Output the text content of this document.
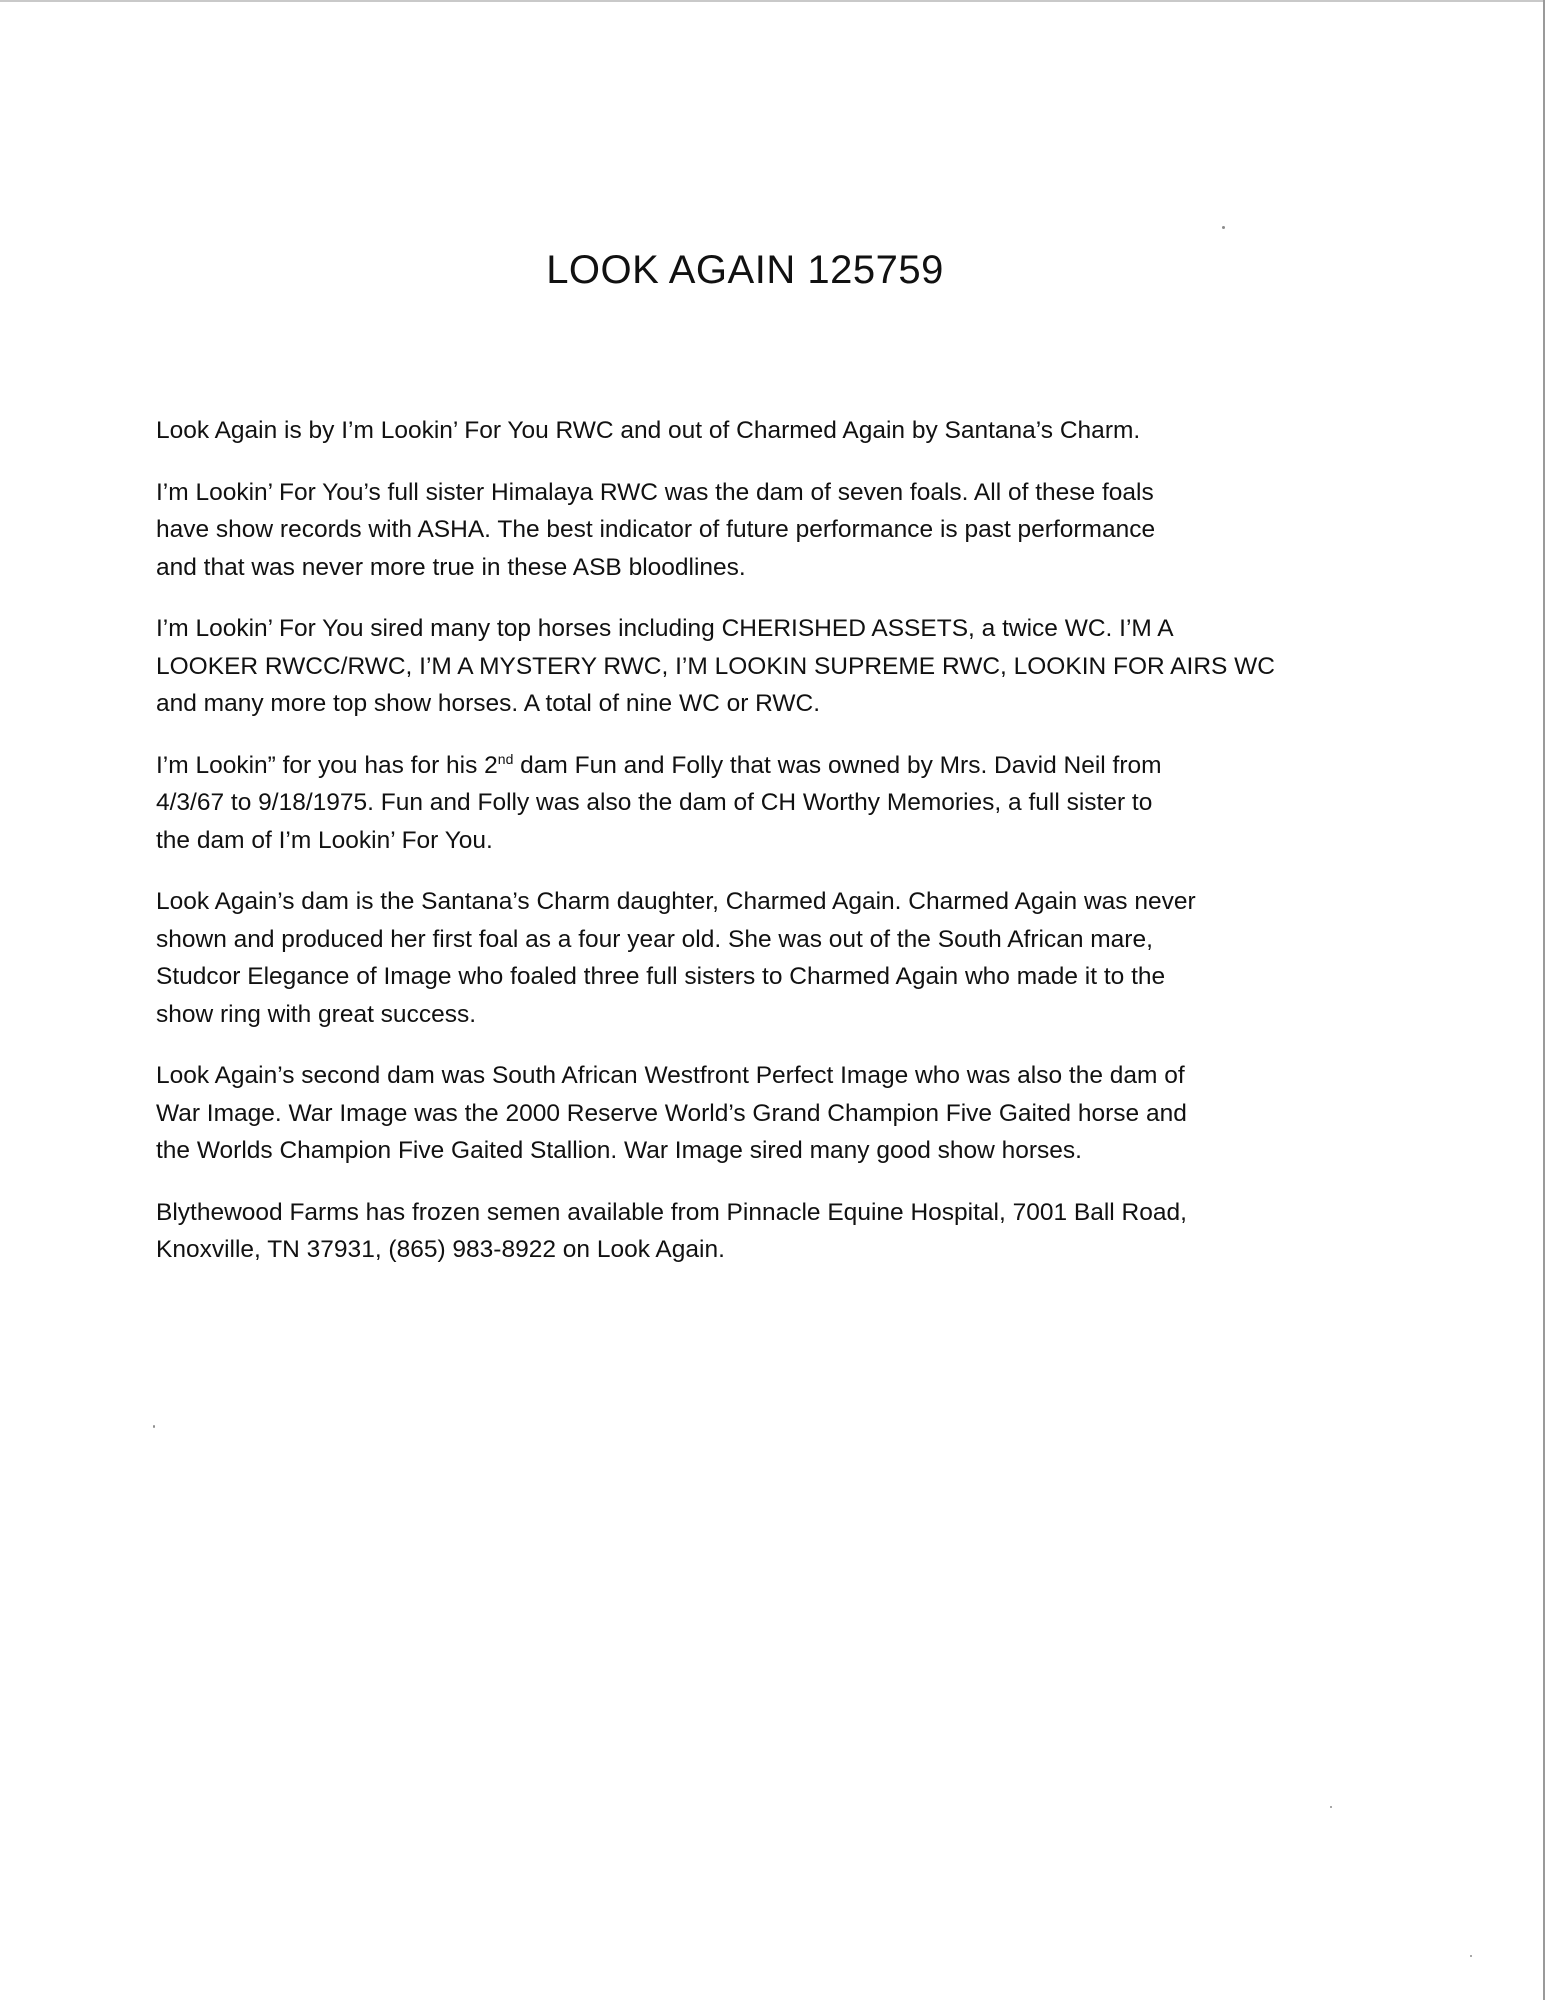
LOOK AGAIN 125759

Look Again is by I’m Lookin’ For You RWC and out of Charmed Again by Santana’s Charm.

I’m Lookin’ For You’s full sister Himalaya RWC was the dam of seven foals. All of these foals
have show records with ASHA. The best indicator of future performance is past performance
and that was never more true in these ASB bloodlines.

I’m Lookin’ For You sired many top horses including CHERISHED ASSETS, a twice WC. I’M A
LOOKER RWCC/RWC, I’M A MYSTERY RWC, I’M LOOKIN SUPREME RWC, LOOKIN FOR AIRS WC
and many more top show horses. A total of nine WC or RWC.

I’m Lookin” for you has for his 2nd dam Fun and Folly that was owned by Mrs. David Neil from
4/3/67 to 9/18/1975. Fun and Folly was also the dam of CH Worthy Memories, a full sister to
the dam of I’m Lookin’ For You.

Look Again’s dam is the Santana’s Charm daughter, Charmed Again. Charmed Again was never
shown and produced her first foal as a four year old. She was out of the South African mare,
Studcor Elegance of Image who foaled three full sisters to Charmed Again who made it to the
show ring with great success.

Look Again’s second dam was South African Westfront Perfect Image who was also the dam of
War Image. War Image was the 2000 Reserve World’s Grand Champion Five Gaited horse and
the Worlds Champion Five Gaited Stallion. War Image sired many good show horses.

Blythewood Farms has frozen semen available from Pinnacle Equine Hospital, 7001 Ball Road,
Knoxville, TN 37931, (865) 983-8922 on Look Again.
